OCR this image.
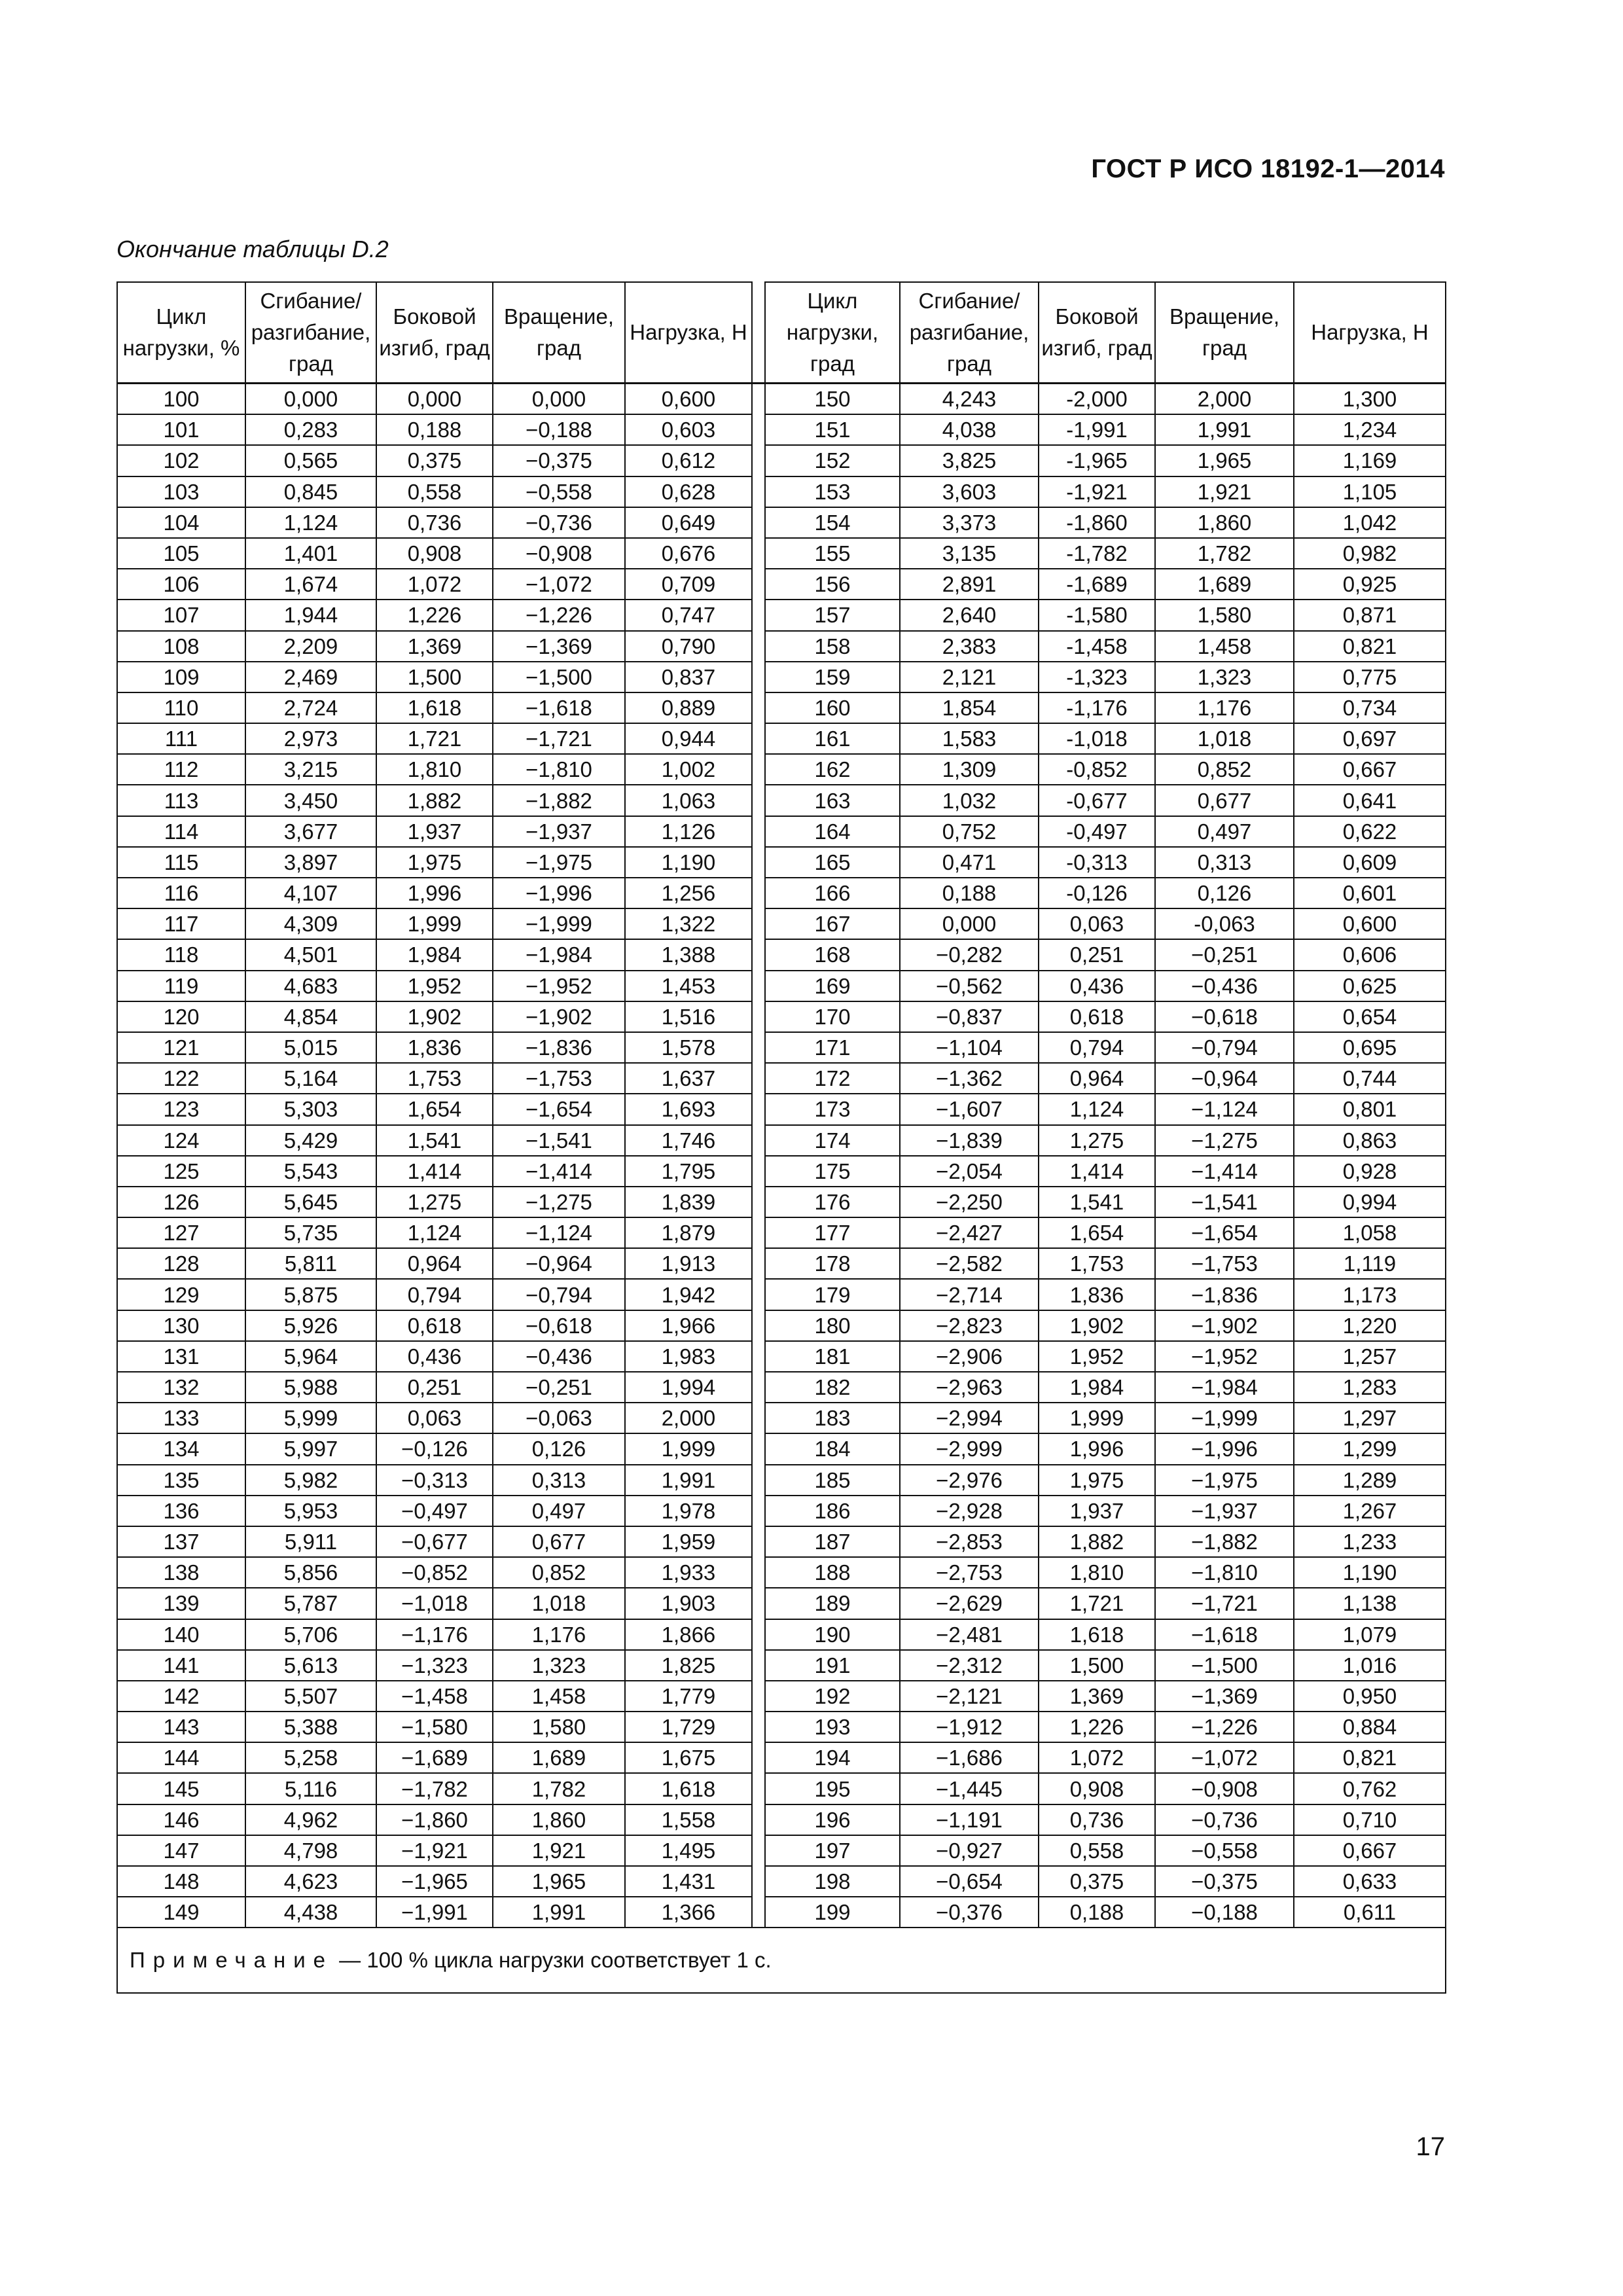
ГОСТ Р ИСО 18192-1—2014
Окончание таблицы D.2
Цикл нагрузки, %	Сгибание/ разгибание, град	Боковой изгиб, град	Вращение, град	Нагрузка, Н		Цикл нагрузки, град	Сгибание/ разгибание, град	Боковой изгиб, град	Вращение, град	Нагрузка, Н
100	0,000	0,000	0,000	0,600		150	4,243	-2,000	2,000	1,300
101	0,283	0,188	−0,188	0,603		151	4,038	-1,991	1,991	1,234
102	0,565	0,375	−0,375	0,612		152	3,825	-1,965	1,965	1,169
103	0,845	0,558	−0,558	0,628		153	3,603	-1,921	1,921	1,105
104	1,124	0,736	−0,736	0,649		154	3,373	-1,860	1,860	1,042
105	1,401	0,908	−0,908	0,676		155	3,135	-1,782	1,782	0,982
106	1,674	1,072	−1,072	0,709		156	2,891	-1,689	1,689	0,925
107	1,944	1,226	−1,226	0,747		157	2,640	-1,580	1,580	0,871
108	2,209	1,369	−1,369	0,790		158	2,383	-1,458	1,458	0,821
109	2,469	1,500	−1,500	0,837		159	2,121	-1,323	1,323	0,775
110	2,724	1,618	−1,618	0,889		160	1,854	-1,176	1,176	0,734
111	2,973	1,721	−1,721	0,944		161	1,583	-1,018	1,018	0,697
112	3,215	1,810	−1,810	1,002		162	1,309	-0,852	0,852	0,667
113	3,450	1,882	−1,882	1,063		163	1,032	-0,677	0,677	0,641
114	3,677	1,937	−1,937	1,126		164	0,752	-0,497	0,497	0,622
115	3,897	1,975	−1,975	1,190		165	0,471	-0,313	0,313	0,609
116	4,107	1,996	−1,996	1,256		166	0,188	-0,126	0,126	0,601
117	4,309	1,999	−1,999	1,322		167	0,000	0,063	-0,063	0,600
118	4,501	1,984	−1,984	1,388		168	−0,282	0,251	−0,251	0,606
119	4,683	1,952	−1,952	1,453		169	−0,562	0,436	−0,436	0,625
120	4,854	1,902	−1,902	1,516		170	−0,837	0,618	−0,618	0,654
121	5,015	1,836	−1,836	1,578		171	−1,104	0,794	−0,794	0,695
122	5,164	1,753	−1,753	1,637		172	−1,362	0,964	−0,964	0,744
123	5,303	1,654	−1,654	1,693		173	−1,607	1,124	−1,124	0,801
124	5,429	1,541	−1,541	1,746		174	−1,839	1,275	−1,275	0,863
125	5,543	1,414	−1,414	1,795		175	−2,054	1,414	−1,414	0,928
126	5,645	1,275	−1,275	1,839		176	−2,250	1,541	−1,541	0,994
127	5,735	1,124	−1,124	1,879		177	−2,427	1,654	−1,654	1,058
128	5,811	0,964	−0,964	1,913		178	−2,582	1,753	−1,753	1,119
129	5,875	0,794	−0,794	1,942		179	−2,714	1,836	−1,836	1,173
130	5,926	0,618	−0,618	1,966		180	−2,823	1,902	−1,902	1,220
131	5,964	0,436	−0,436	1,983		181	−2,906	1,952	−1,952	1,257
132	5,988	0,251	−0,251	1,994		182	−2,963	1,984	−1,984	1,283
133	5,999	0,063	−0,063	2,000		183	−2,994	1,999	−1,999	1,297
134	5,997	−0,126	0,126	1,999		184	−2,999	1,996	−1,996	1,299
135	5,982	−0,313	0,313	1,991		185	−2,976	1,975	−1,975	1,289
136	5,953	−0,497	0,497	1,978		186	−2,928	1,937	−1,937	1,267
137	5,911	−0,677	0,677	1,959		187	−2,853	1,882	−1,882	1,233
138	5,856	−0,852	0,852	1,933		188	−2,753	1,810	−1,810	1,190
139	5,787	−1,018	1,018	1,903		189	−2,629	1,721	−1,721	1,138
140	5,706	−1,176	1,176	1,866		190	−2,481	1,618	−1,618	1,079
141	5,613	−1,323	1,323	1,825		191	−2,312	1,500	−1,500	1,016
142	5,507	−1,458	1,458	1,779		192	−2,121	1,369	−1,369	0,950
143	5,388	−1,580	1,580	1,729		193	−1,912	1,226	−1,226	0,884
144	5,258	−1,689	1,689	1,675		194	−1,686	1,072	−1,072	0,821
145	5,116	−1,782	1,782	1,618		195	−1,445	0,908	−0,908	0,762
146	4,962	−1,860	1,860	1,558		196	−1,191	0,736	−0,736	0,710
147	4,798	−1,921	1,921	1,495		197	−0,927	0,558	−0,558	0,667
148	4,623	−1,965	1,965	1,431		198	−0,654	0,375	−0,375	0,633
149	4,438	−1,991	1,991	1,366		199	−0,376	0,188	−0,188	0,611
Примечание — 100 % цикла нагрузки соответствует 1 с.										
17
